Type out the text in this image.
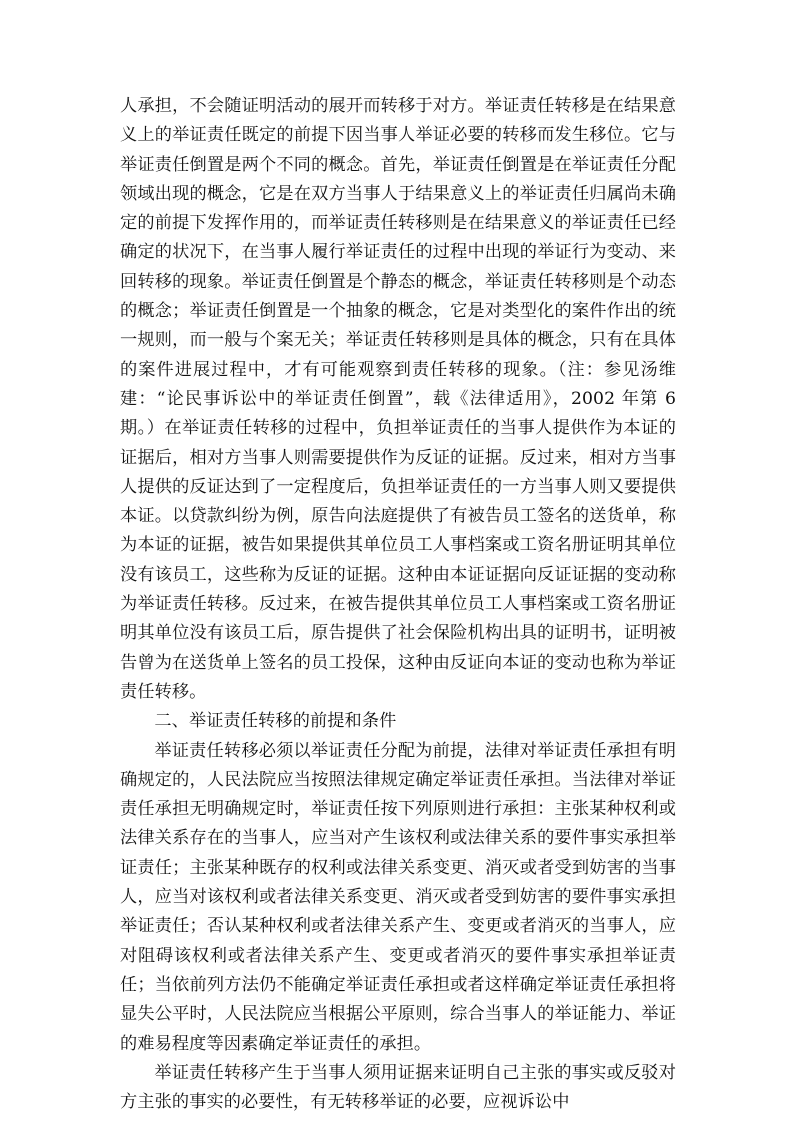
人承担，不会随证明活动的展开而转移于对方。举证责任转移是在结果意义上的举证责任既定的前提下因当事人举证必要的转移而发生移位。它与举证责任倒置是两个不同的概念。首先，举证责任倒置是在举证责任分配领域出现的概念，它是在双方当事人于结果意义上的举证责任归属尚未确定的前提下发挥作用的，而举证责任转移则是在结果意义的举证责任已经确定的状况下，在当事人履行举证责任的过程中出现的举证行为变动、来回转移的现象。举证责任倒置是个静态的概念，举证责任转移则是个动态的概念；举证责任倒置是一个抽象的概念，它是对类型化的案件作出的统一规则，而一般与个案无关；举证责任转移则是具体的概念，只有在具体的案件进展过程中，才有可能观察到责任转移的现象。（注：参见汤维建：“论民事诉讼中的举证责任倒置”，载《法律适用》，2002 年第 6 期。）在举证责任转移的过程中，负担举证责任的当事人提供作为本证的证据后，相对方当事人则需要提供作为反证的证据。反过来，相对方当事人提供的反证达到了一定程度后，负担举证责任的一方当事人则又要提供本证。以贷款纠纷为例，原告向法庭提供了有被告员工签名的送货单，称为本证的证据，被告如果提供其单位员工人事档案或工资名册证明其单位没有该员工，这些称为反证的证据。这种由本证证据向反证证据的变动称为举证责任转移。反过来，在被告提供其单位员工人事档案或工资名册证明其单位没有该员工后，原告提供了社会保险机构出具的证明书，证明被告曾为在送货单上签名的员工投保，这种由反证向本证的变动也称为举证责任转移。

二、举证责任转移的前提和条件

举证责任转移必须以举证责任分配为前提，法律对举证责任承担有明确规定的，人民法院应当按照法律规定确定举证责任承担。当法律对举证责任承担无明确规定时，举证责任按下列原则进行承担：主张某种权利或法律关系存在的当事人，应当对产生该权利或法律关系的要件事实承担举证责任；主张某种既存的权利或法律关系变更、消灭或者受到妨害的当事人，应当对该权利或者法律关系变更、消灭或者受到妨害的要件事实承担举证责任；否认某种权利或者法律关系产生、变更或者消灭的当事人，应对阻碍该权利或者法律关系产生、变更或者消灭的要件事实承担举证责任；当依前列方法仍不能确定举证责任承担或者这样确定举证责任承担将显失公平时，人民法院应当根据公平原则，综合当事人的举证能力、举证的难易程度等因素确定举证责任的承担。

举证责任转移产生于当事人须用证据来证明自己主张的事实或反驳对方主张的事实的必要性，有无转移举证的必要，应视诉讼中
